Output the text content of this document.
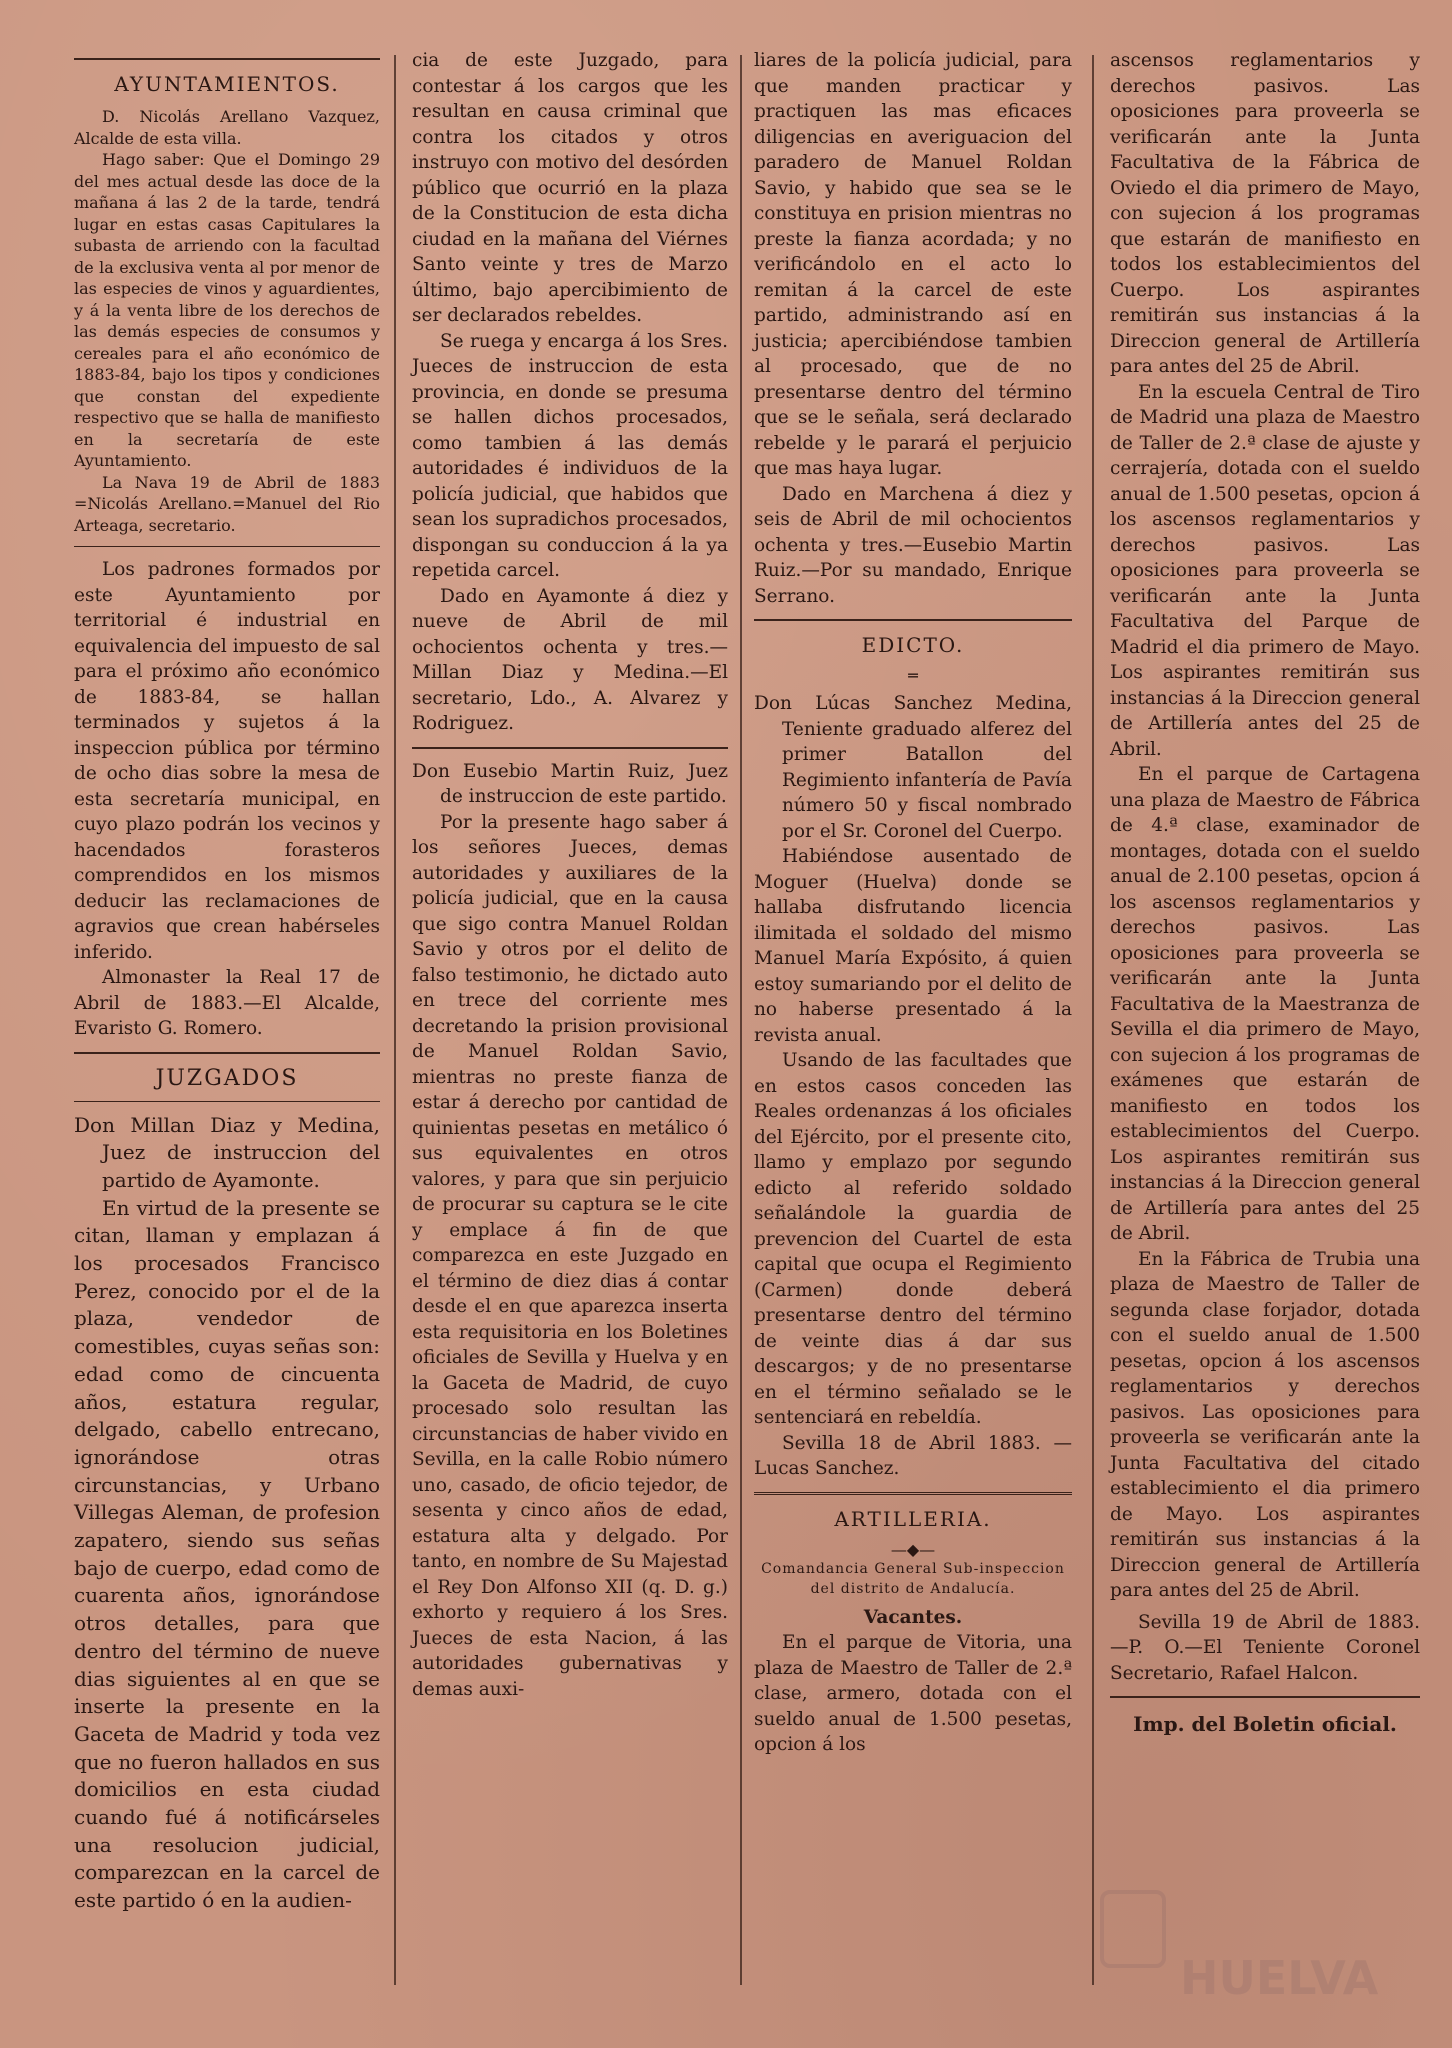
AYUNTAMIENTOS.

D. Nicolás Arellano Vazquez, Alcalde de esta villa.

Hago saber: Que el Domingo 29 del mes actual desde las doce de la mañana á las 2 de la tarde, tendrá lugar en estas casas Capitulares la subasta de arriendo con la facultad de la exclusiva venta al por menor de las especies de vinos y aguardientes, y á la venta libre de los derechos de las demás especies de consumos y cereales para el año económico de 1883-84, bajo los tipos y condiciones que constan del expediente respectivo que se halla de manifiesto en la secretaría de este Ayuntamiento.

La Nava 19 de Abril de 1883 =Nicolás Arellano.=Manuel del Rio Arteaga, secretario.

Los padrones formados por este Ayuntamiento por territorial é industrial en equivalencia del impuesto de sal para el próximo año económico de 1883-84, se hallan terminados y sujetos á la inspeccion pública por término de ocho dias sobre la mesa de esta secretaría municipal, en cuyo plazo podrán los vecinos y hacendados forasteros comprendidos en los mismos deducir las reclamaciones de agravios que crean habérseles inferido.

Almonaster la Real 17 de Abril de 1883.—El Alcalde, Evaristo G. Romero.

JUZGADOS

Don Millan Diaz y Medina, Juez de instruccion del partido de Ayamonte.

En virtud de la presente se citan, llaman y emplazan á los procesados Francisco Perez, conocido por el de la plaza, vendedor de comestibles, cuyas señas son: edad como de cincuenta años, estatura regular, delgado, cabello entrecano, ignorándose otras circunstancias, y Urbano Villegas Aleman, de profesion zapatero, siendo sus señas bajo de cuerpo, edad como de cuarenta años, ignorándose otros detalles, para que dentro del término de nueve dias siguientes al en que se inserte la presente en la Gaceta de Madrid y toda vez que no fueron hallados en sus domicilios en esta ciudad cuando fué á notificárseles una resolucion judicial, comparezcan en la carcel de este partido ó en la audien-

cia de este Juzgado, para contestar á los cargos que les resultan en causa criminal que contra los citados y otros instruyo con motivo del desórden público que ocurrió en la plaza de la Constitucion de esta dicha ciudad en la mañana del Viérnes Santo veinte y tres de Marzo último, bajo apercibimiento de ser declarados rebeldes.

Se ruega y encarga á los Sres. Jueces de instruccion de esta provincia, en donde se presuma se hallen dichos procesados, como tambien á las demás autoridades é individuos de la policía judicial, que habidos que sean los supradichos procesados, dispongan su conduccion á la ya repetida carcel.

Dado en Ayamonte á diez y nueve de Abril de mil ochocientos ochenta y tres.—Millan Diaz y Medina.—El secretario, Ldo., A. Alvarez y Rodriguez.

Don Eusebio Martin Ruiz, Juez de instruccion de este partido.

Por la presente hago saber á los señores Jueces, demas autoridades y auxiliares de la policía judicial, que en la causa que sigo contra Manuel Roldan Savio y otros por el delito de falso testimonio, he dictado auto en trece del corriente mes decretando la prision provisional de Manuel Roldan Savio, mientras no preste fianza de estar á derecho por cantidad de quinientas pesetas en metálico ó sus equivalentes en otros valores, y para que sin perjuicio de procurar su captura se le cite y emplace á fin de que comparezca en este Juzgado en el término de diez dias á contar desde el en que aparezca inserta esta requisitoria en los Boletines oficiales de Sevilla y Huelva y en la Gaceta de Madrid, de cuyo procesado solo resultan las circunstancias de haber vivido en Sevilla, en la calle Robio número uno, casado, de oficio tejedor, de sesenta y cinco años de edad, estatura alta y delgado. Por tanto, en nombre de Su Majestad el Rey Don Alfonso XII (q. D. g.) exhorto y requiero á los Sres. Jueces de esta Nacion, á las autoridades gubernativas y demas auxi-

liares de la policía judicial, para que manden practicar y practiquen las mas eficaces diligencias en averiguacion del paradero de Manuel Roldan Savio, y habido que sea se le constituya en prision mientras no preste la fianza acordada; y no verificándolo en el acto lo remitan á la carcel de este partido, administrando así en justicia; apercibiéndose tambien al procesado, que de no presentarse dentro del término que se le señala, será declarado rebelde y le parará el perjuicio que mas haya lugar.

Dado en Marchena á diez y seis de Abril de mil ochocientos ochenta y tres.—Eusebio Martin Ruiz.—Por su mandado, Enrique Serrano.

EDICTO.
═

Don Lúcas Sanchez Medina, Teniente graduado alferez del primer Batallon del Regimiento infantería de Pavía número 50 y fiscal nombrado por el Sr. Coronel del Cuerpo.

Habiéndose ausentado de Moguer (Huelva) donde se hallaba disfrutando licencia ilimitada el soldado del mismo Manuel María Expósito, á quien estoy sumariando por el delito de no haberse presentado á la revista anual.

Usando de las facultades que en estos casos conceden las Reales ordenanzas á los oficiales del Ejército, por el presente cito, llamo y emplazo por segundo edicto al referido soldado señalándole la guardia de prevencion del Cuartel de esta capital que ocupa el Regimiento (Carmen) donde deberá presentarse dentro del término de veinte dias á dar sus descargos; y de no presentarse en el término señalado se le sentenciará en rebeldía.

Sevilla 18 de Abril 1883. —Lucas Sanchez.

ARTILLERIA.
—◆—
Comandancia General Sub-inspeccion del distrito de Andalucía.
Vacantes.

En el parque de Vitoria, una plaza de Maestro de Taller de 2.ª clase, armero, dotada con el sueldo anual de 1.500 pesetas, opcion á los

ascensos reglamentarios y derechos pasivos. Las oposiciones para proveerla se verificarán ante la Junta Facultativa de la Fábrica de Oviedo el dia primero de Mayo, con sujecion á los programas que estarán de manifiesto en todos los establecimientos del Cuerpo. Los aspirantes remitirán sus instancias á la Direccion general de Artillería para antes del 25 de Abril.

En la escuela Central de Tiro de Madrid una plaza de Maestro de Taller de 2.ª clase de ajuste y cerrajería, dotada con el sueldo anual de 1.500 pesetas, opcion á los ascensos reglamentarios y derechos pasivos. Las oposiciones para proveerla se verificarán ante la Junta Facultativa del Parque de Madrid el dia primero de Mayo. Los aspirantes remitirán sus instancias á la Direccion general de Artillería antes del 25 de Abril.

En el parque de Cartagena una plaza de Maestro de Fábrica de 4.ª clase, examinador de montages, dotada con el sueldo anual de 2.100 pesetas, opcion á los ascensos reglamentarios y derechos pasivos. Las oposiciones para proveerla se verificarán ante la Junta Facultativa de la Maestranza de Sevilla el dia primero de Mayo, con sujecion á los programas de exámenes que estarán de manifiesto en todos los establecimientos del Cuerpo. Los aspirantes remitirán sus instancias á la Direccion general de Artillería para antes del 25 de Abril.

En la Fábrica de Trubia una plaza de Maestro de Taller de segunda clase forjador, dotada con el sueldo anual de 1.500 pesetas, opcion á los ascensos reglamentarios y derechos pasivos. Las oposiciones para proveerla se verificarán ante la Junta Facultativa del citado establecimiento el dia primero de Mayo. Los aspirantes remitirán sus instancias á la Direccion general de Artillería para antes del 25 de Abril.

Sevilla 19 de Abril de 1883. —P. O.—El Teniente Coronel Secretario, Rafael Halcon.

Imp. del Boletin oficial.
HUELVA
